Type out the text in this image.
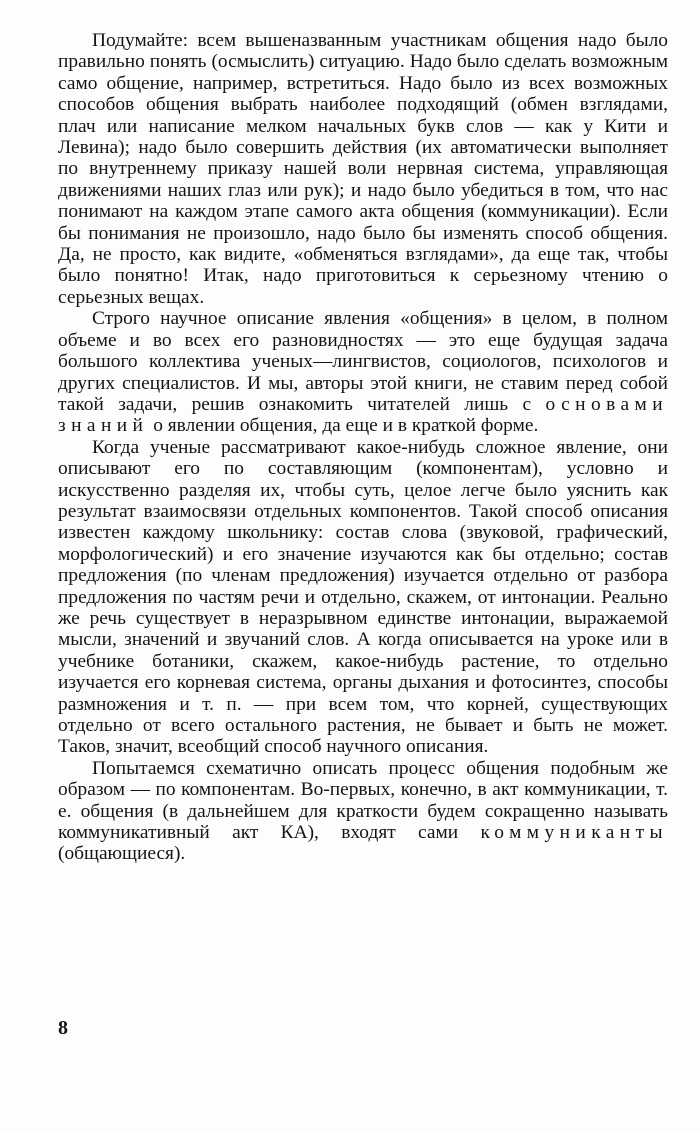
Подумайте: всем вышеназванным участникам общения надо было правильно понять (осмыслить) ситуацию. Надо было сделать возможным само общение, например, встретиться. Надо было из всех возможных способов общения выбрать наиболее подходящий (обмен взглядами, плач или написание мелком начальных букв слов — как у Кити и Левина); надо было совершить действия (их автоматически выполняет по внутреннему приказу нашей воли нервная система, управляющая движениями наших глаз или рук); и надо было убедиться в том, что нас понимают на каждом этапе самого акта общения (коммуникации). Если бы понимания не произошло, надо было бы изменять способ общения. Да, не просто, как видите, «обменяться взглядами», да еще так, чтобы было понятно! Итак, надо приготовиться к серьезному чтению о серьезных вещах.

Строго научное описание явления «общения» в целом, в полном объеме и во всех его разновидностях — это еще будущая задача большого коллектива ученых—лингвистов, социологов, психологов и других специалистов. И мы, авторы этой книги, не ставим перед собой такой задачи, решив ознакомить читателей лишь с основами знаний о явлении общения, да еще и в краткой форме.

Когда ученые рассматривают какое-нибудь сложное явление, они описывают его по составляющим (компонентам), условно и искусственно разделяя их, чтобы суть, целое легче было уяснить как результат взаимосвязи отдельных компонентов. Такой способ описания известен каждому школьнику: состав слова (звуковой, графический, морфологический) и его значение изучаются как бы отдельно; состав предложения (по членам предложения) изучается отдельно от разбора предложения по частям речи и отдельно, скажем, от интонации. Реально же речь существует в неразрывном единстве интонации, выражаемой мысли, значений и звучаний слов. А когда описывается на уроке или в учебнике ботаники, скажем, какое-нибудь растение, то отдельно изучается его корневая система, органы дыхания и фотосинтез, способы размножения и т. п. — при всем том, что корней, существующих отдельно от всего остального растения, не бывает и быть не может. Таков, значит, всеобщий способ научного описания.

Попытаемся схематично описать процесс общения подобным же образом — по компонентам. Во-первых, конечно, в акт коммуникации, т. е. общения (в дальнейшем для краткости будем сокращенно называть коммуникативный акт КА), входят сами коммуниканты (общающиеся).

8
